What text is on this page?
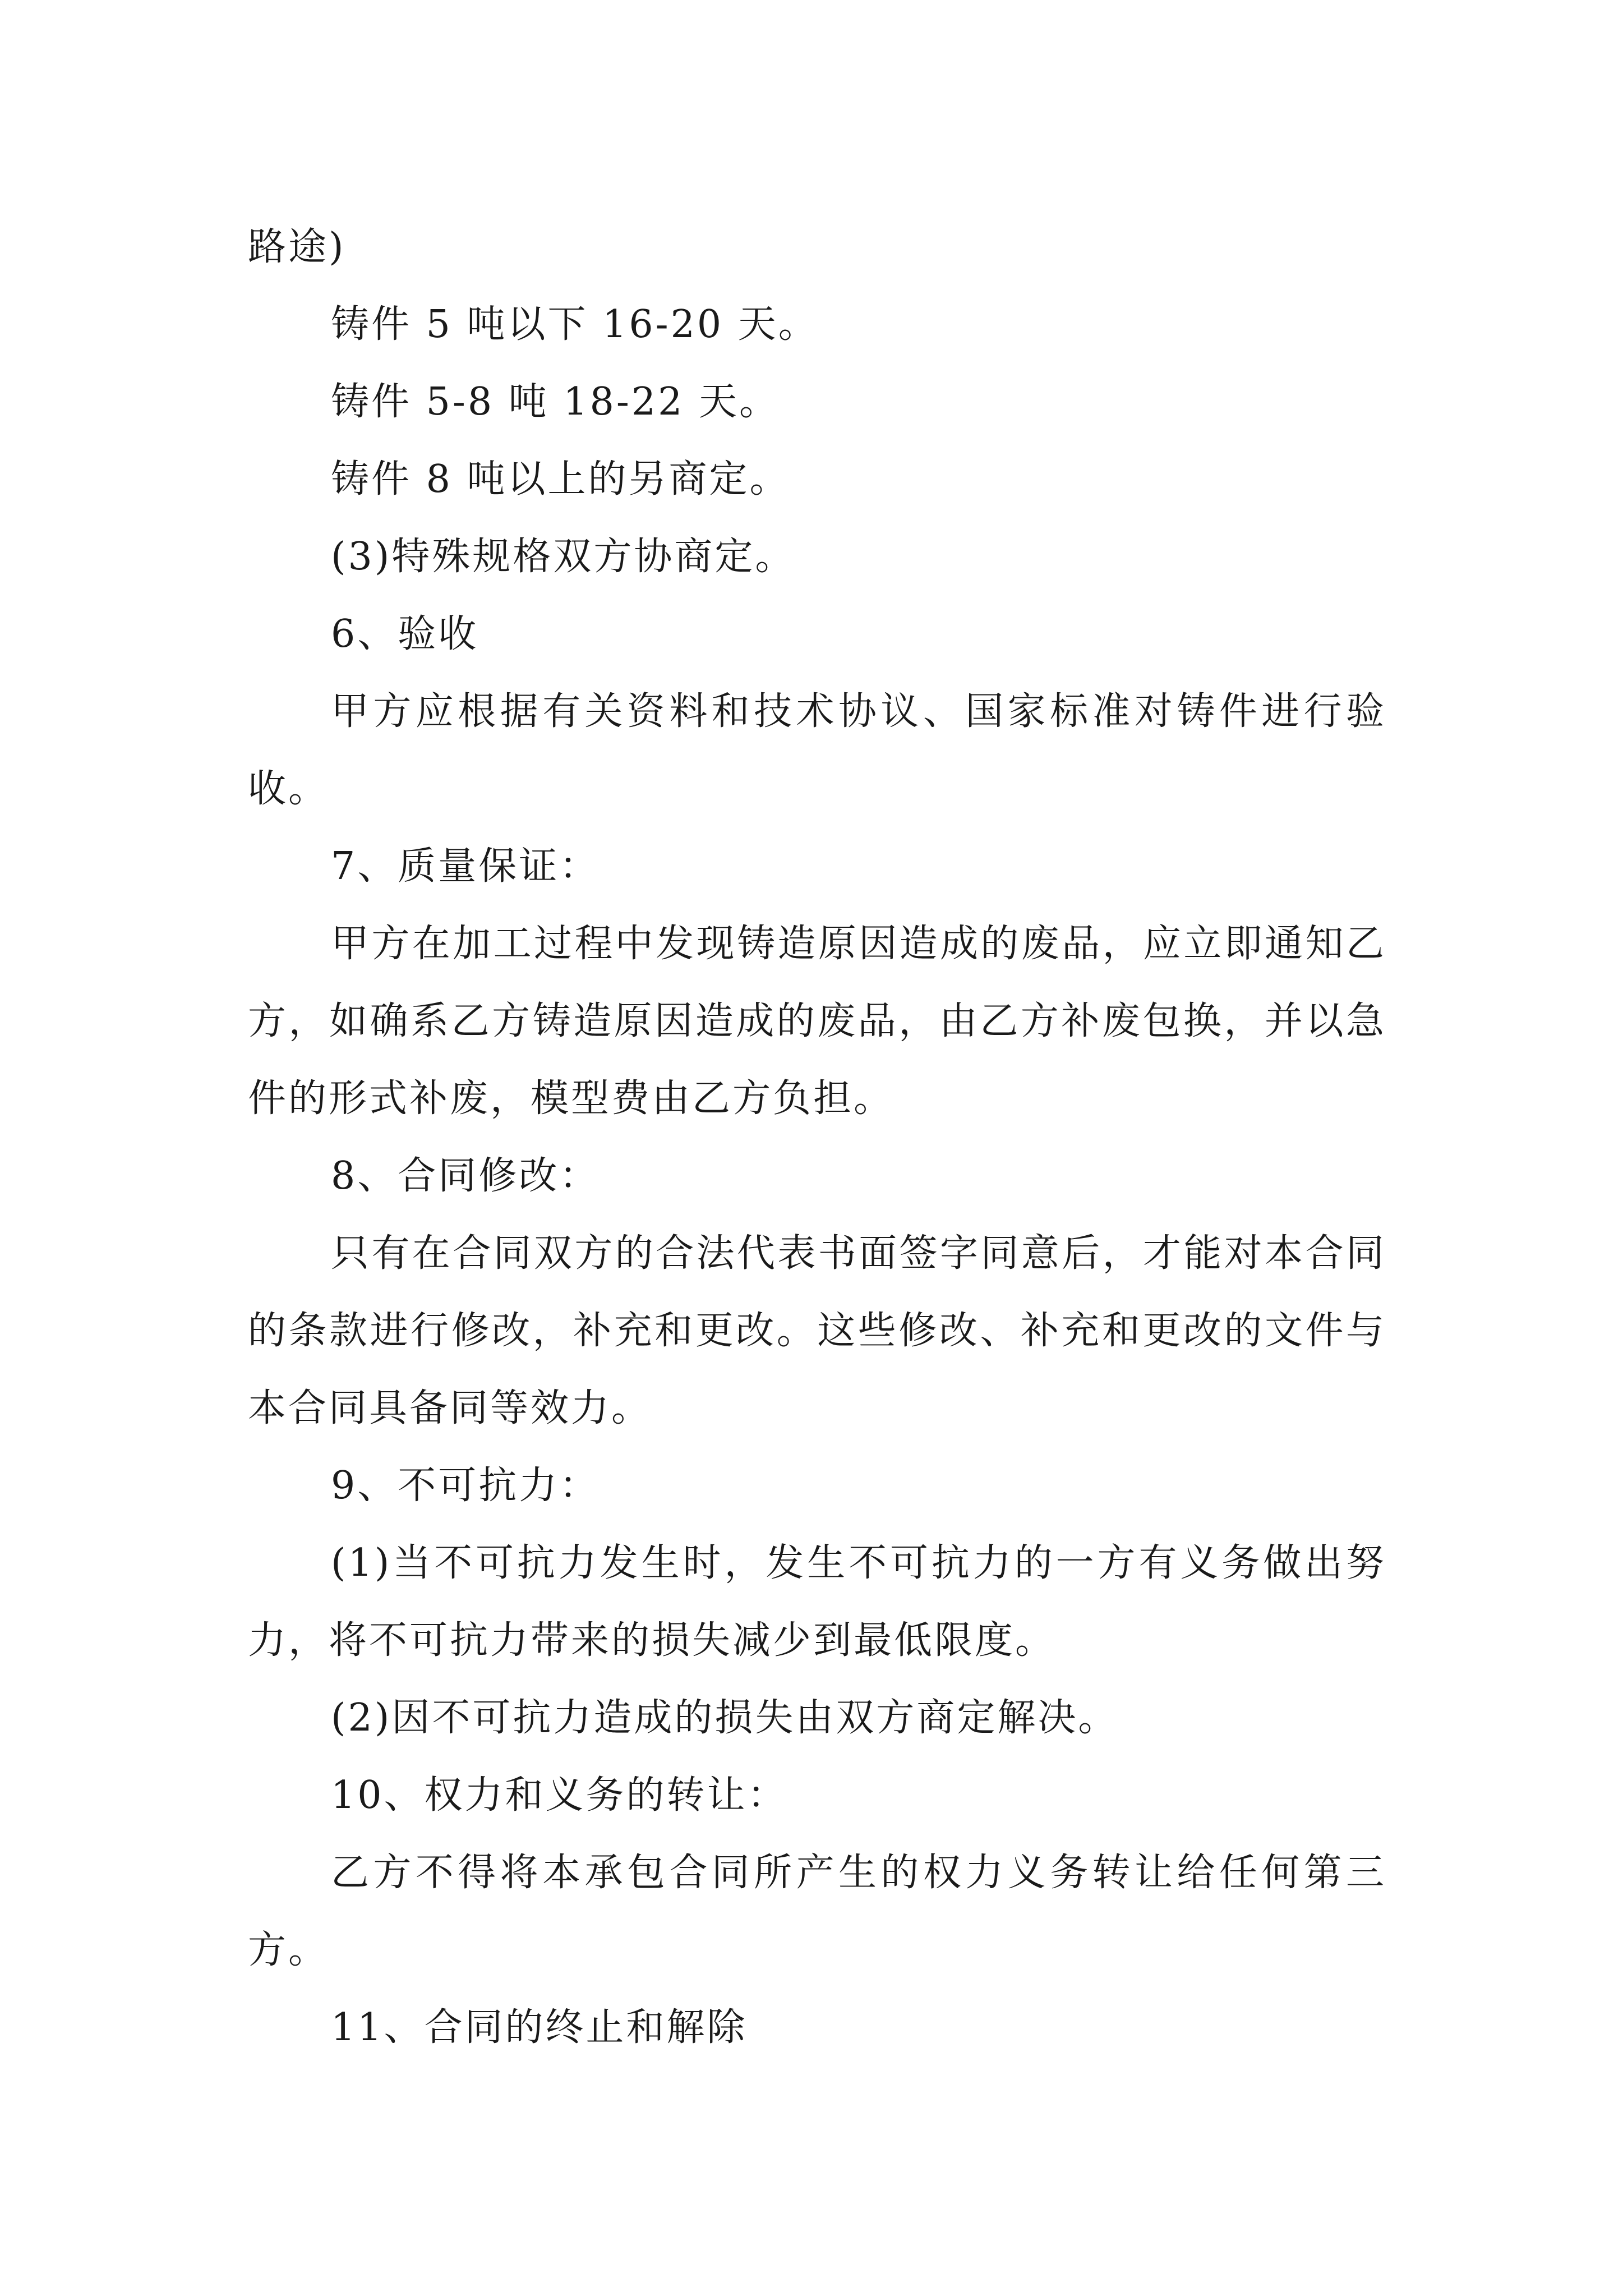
路途)

铸件 5 吨以下 16-20 天。

铸件 5-8 吨 18-22 天。

铸件 8 吨以上的另商定。

(3)特殊规格双方协商定。

6、验收

甲方应根据有关资料和技术协议、国家标准对铸件进行验收。

7、质量保证：

甲方在加工过程中发现铸造原因造成的废品，应立即通知乙方，如确系乙方铸造原因造成的废品，由乙方补废包换，并以急件的形式补废，模型费由乙方负担。

8、合同修改：

只有在合同双方的合法代表书面签字同意后，才能对本合同的条款进行修改，补充和更改。这些修改、补充和更改的文件与本合同具备同等效力。

9、不可抗力：

(1)当不可抗力发生时，发生不可抗力的一方有义务做出努力，将不可抗力带来的损失减少到最低限度。

(2)因不可抗力造成的损失由双方商定解决。

10、权力和义务的转让：

乙方不得将本承包合同所产生的权力义务转让给任何第三方。

11、合同的终止和解除
